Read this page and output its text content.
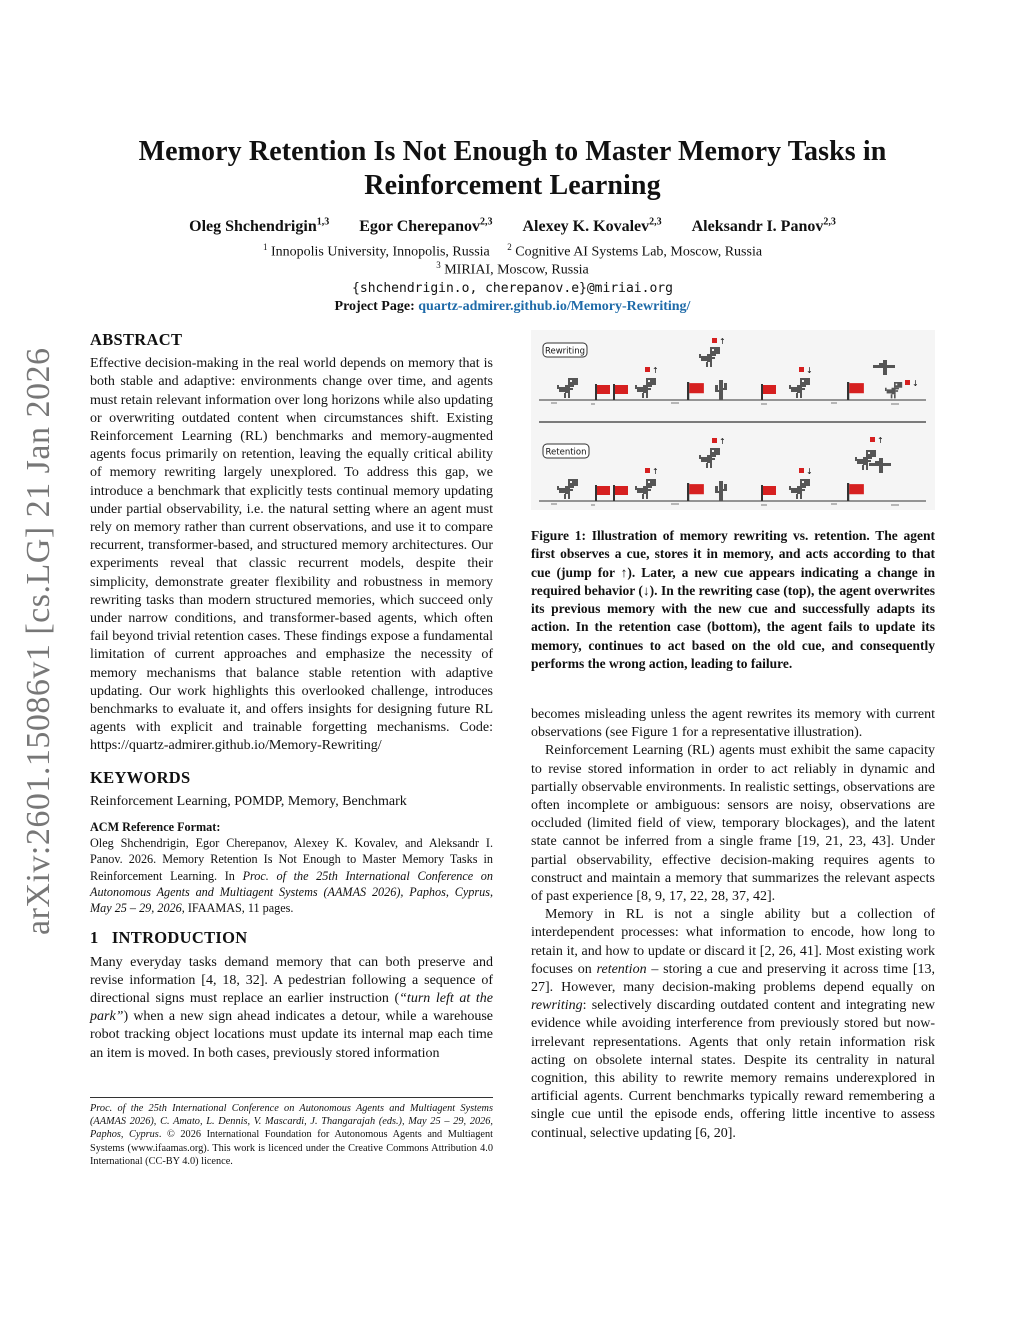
arXiv:2601.15086v1 [cs.LG] 21 Jan 2026
Memory Retention Is Not Enough to Master Memory Tasks in Reinforcement Learning
Oleg Shchendrigin$^{1,3}$ Egor Cherepanov$^{2,3}$ Alexey K. Kovalev$^{2,3}$ Aleksandr I. Panov$^{2,3}$
$^1$ Innopolis University, Innopolis, Russia $^2$ Cognitive AI Systems Lab, Moscow, Russia
$^3$ MIRIAI, Moscow, Russia
{shchendrigin.o, cherepanov.e}@miriai.org
Project Page: quartz-admirer.github.io/Memory-Rewriting/
ABSTRACT

Effective decision-making in the real world depends on memory that is both stable and adaptive: environments change over time, and agents must retain relevant information over long horizons while also updating or overwriting outdated content when circumstances shift. Existing Reinforcement Learning (RL) benchmarks and memory-augmented agents focus primarily on retention, leaving the equally critical ability of memory rewriting largely unexplored. To address this gap, we introduce a benchmark that explicitly tests continual memory updating under partial observability, i.e. the natural setting where an agent must rely on memory rather than current observations, and use it to compare recurrent, transformer-based, and structured memory architectures. Our experiments reveal that classic recurrent models, despite their simplicity, demonstrate greater flexibility and robustness in memory rewriting tasks than modern structured memories, which succeed only under narrow conditions, and transformer-based agents, which often fail beyond trivial retention cases. These findings expose a fundamental limitation of current approaches and emphasize the necessity of memory mechanisms that balance stable retention with adaptive updating. Our work highlights this overlooked challenge, introduces benchmarks to evaluate it, and offers insights for designing future RL agents with explicit and trainable forgetting mechanisms. Code: https://quartz-admirer.github.io/Memory-Rewriting/

KEYWORDS

Reinforcement Learning, POMDP, Memory, Benchmark

ACM Reference Format:

Oleg Shchendrigin, Egor Cherepanov, Alexey K. Kovalev, and Aleksandr I. Panov. 2026. Memory Retention Is Not Enough to Master Memory Tasks in Reinforcement Learning. In Proc. of the 25th International Conference on Autonomous Agents and Multiagent Systems (AAMAS 2026), Paphos, Cyprus, May 25 – 29, 2026, IFAAMAS, 11 pages.

1   INTRODUCTION

Many everyday tasks demand memory that can both preserve and revise information [4, 18, 32]. A pedestrian following a sequence of directional signs must replace an earlier instruction (“turn left at the park”) when a new sign ahead indicates a detour, while a warehouse robot tracking object locations must update its internal map each time an item is moved. In both cases, previously stored information

Rewriting
↑
↑
↓
↓
Retention
↑
↑
↓
↑
Figure 1: Illustration of memory rewriting vs. retention. The agent first observes a cue, stores it in memory, and acts according to that cue (jump for ↑). Later, a new cue appears indicating a change in required behavior (↓). In the rewriting case (top), the agent overwrites its previous memory with the new cue and successfully adapts its action. In the retention case (bottom), the agent fails to update its memory, continues to act based on the old cue, and consequently performs the wrong action, leading to failure.

becomes misleading unless the agent rewrites its memory with current observations (see Figure 1 for a representative illustration).

Reinforcement Learning (RL) agents must exhibit the same capacity to revise stored information in order to act reliably in dynamic and partially observable environments. In realistic settings, observations are often incomplete or ambiguous: sensors are noisy, observations are occluded (limited field of view, temporary blockages), and the latent state cannot be inferred from a single frame [19, 21, 23, 43]. Under partial observability, effective decision-making requires agents to construct and maintain a memory that summarizes the relevant aspects of past experience [8, 9, 17, 22, 28, 37, 42].

Memory in RL is not a single ability but a collection of interdependent processes: what information to encode, how long to retain it, and how to update or discard it [2, 26, 41]. Most existing work focuses on retention – storing a cue and preserving it across time [13, 27]. However, many decision-making problems depend equally on rewriting: selectively discarding outdated content and integrating new evidence while avoiding interference from previously stored but now-irrelevant representations. Agents that only retain information risk acting on obsolete internal states. Despite its centrality in natural cognition, this ability to rewrite memory remains underexplored in artificial agents. Current benchmarks typically reward remembering a single cue until the episode ends, offering little incentive to assess continual, selective updating [6, 20].

Proc. of the 25th International Conference on Autonomous Agents and Multiagent Systems (AAMAS 2026), C. Amato, L. Dennis, V. Mascardi, J. Thangarajah (eds.), May 25 – 29, 2026, Paphos, Cyprus. © 2026 International Foundation for Autonomous Agents and Multiagent Systems (www.ifaamas.org). This work is licenced under the Creative Commons Attribution 4.0 International (CC-BY 4.0) licence.
